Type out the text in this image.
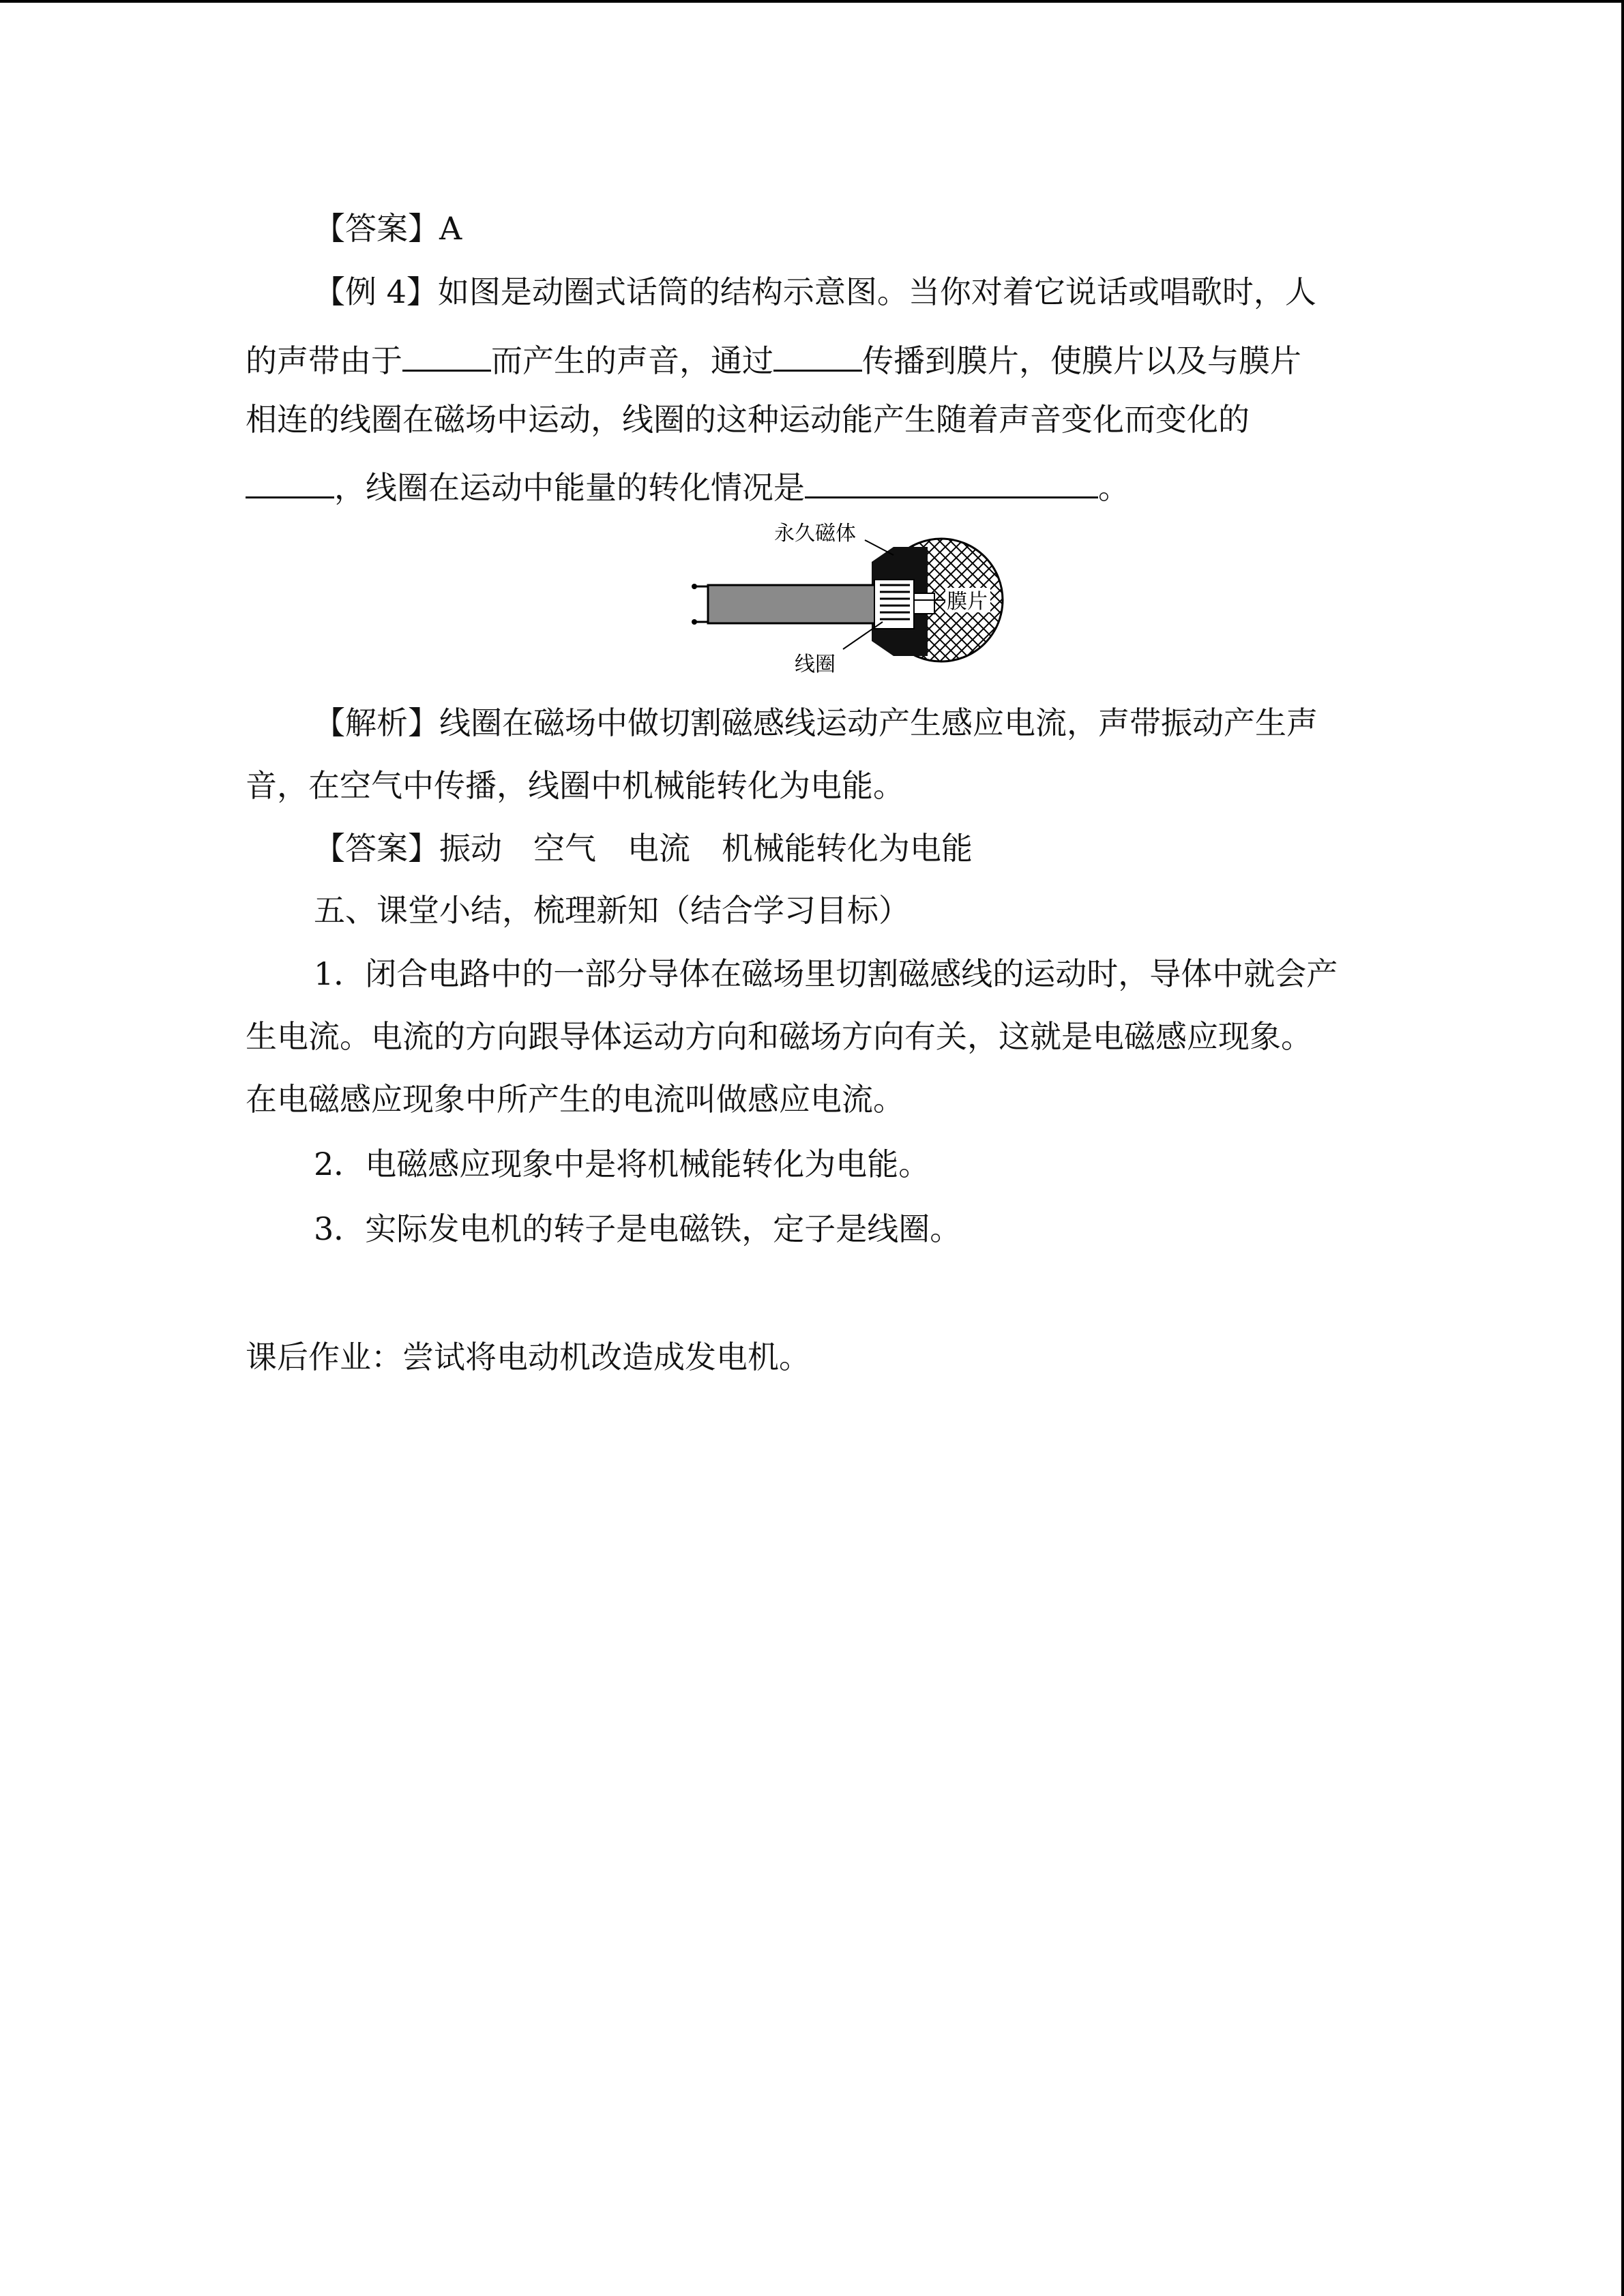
【答案】A
【例 4】如图是动圈式话筒的结构示意图。当你对着它说话或唱歌时，人
的声带由于	而产生的声音，通过	传播到膜片，使膜片以及与膜片
相连的线圈在磁场中运动，线圈的这种运动能产生随着声音变化而变化的
，线圈在运动中能量的转化情况是	。
永久磁体
膜片
线圈
【解析】线圈在磁场中做切割磁感线运动产生感应电流，声带振动产生声
音，在空气中传播，线圈中机械能转化为电能。
【答案】振动　空气　电流　机械能转化为电能
五、课堂小结，梳理新知（结合学习目标）
1．闭合电路中的一部分导体在磁场里切割磁感线的运动时，导体中就会产
生电流。电流的方向跟导体运动方向和磁场方向有关，这就是电磁感应现象。
在电磁感应现象中所产生的电流叫做感应电流。
2．电磁感应现象中是将机械能转化为电能。
3．实际发电机的转子是电磁铁，定子是线圈。
课后作业：尝试将电动机改造成发电机。
